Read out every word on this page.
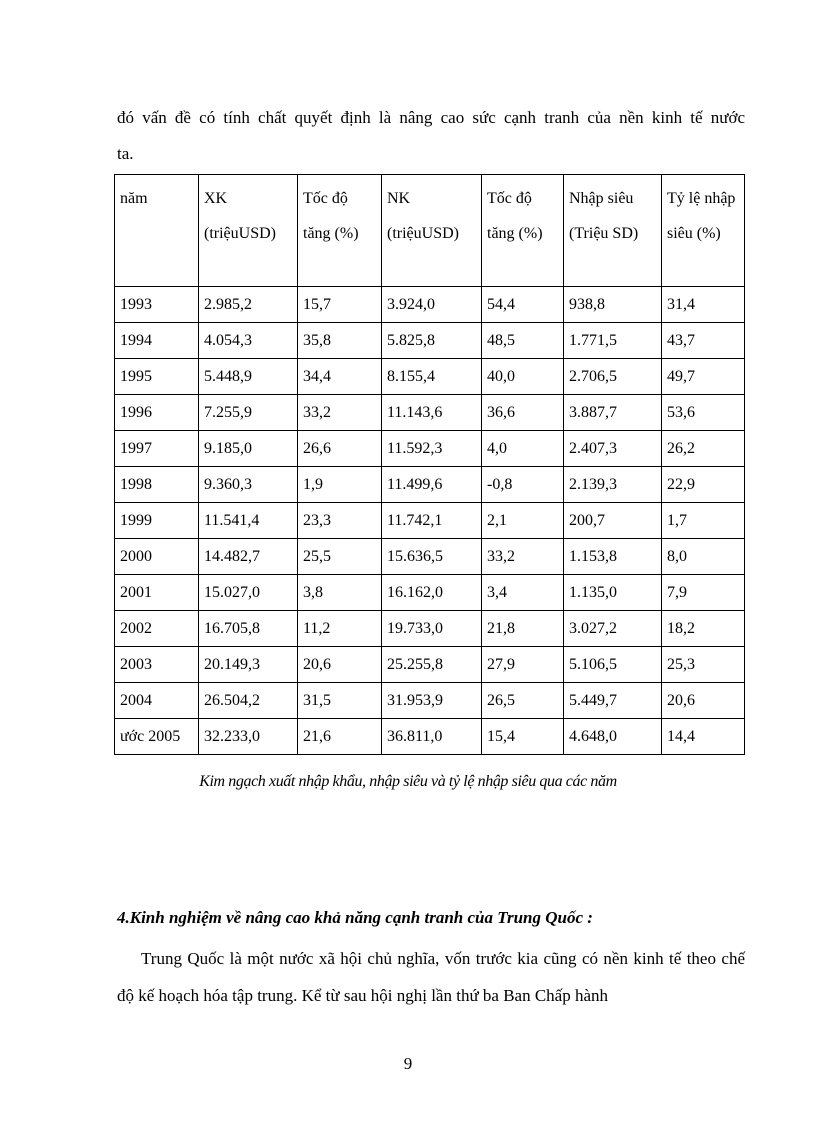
đó vấn đề có tính chất quyết định là nâng cao sức cạnh tranh của nền kinh tế nước
ta.
năm	XK (triệuUSD)	Tốc độ tăng (%)	NK (triệuUSD)	Tốc độ tăng (%)	Nhập siêu (Triệu SD)	Tỷ lệ nhập siêu (%)
1993	2.985,2	15,7	3.924,0	54,4	938,8	31,4
1994	4.054,3	35,8	5.825,8	48,5	1.771,5	43,7
1995	5.448,9	34,4	8.155,4	40,0	2.706,5	49,7
1996	7.255,9	33,2	11.143,6	36,6	3.887,7	53,6
1997	9.185,0	26,6	11.592,3	4,0	2.407,3	26,2
1998	9.360,3	1,9	11.499,6	-0,8	2.139,3	22,9
1999	11.541,4	23,3	11.742,1	2,1	200,7	1,7
2000	14.482,7	25,5	15.636,5	33,2	1.153,8	8,0
2001	15.027,0	3,8	16.162,0	3,4	1.135,0	7,9
2002	16.705,8	11,2	19.733,0	21,8	3.027,2	18,2
2003	20.149,3	20,6	25.255,8	27,9	5.106,5	25,3
2004	26.504,2	31,5	31.953,9	26,5	5.449,7	20,6
ước 2005	32.233,0	21,6	36.811,0	15,4	4.648,0	14,4
Kim ngạch xuất nhập khẩu, nhập siêu và tỷ lệ nhập siêu qua các năm
4.Kinh nghiệm về nâng cao khả năng cạnh tranh của Trung Quốc :
Trung Quốc là một nước xã hội chủ nghĩa, vốn trước kia cũng có nền kinh tế theo chế độ kế hoạch hóa tập trung. Kể từ sau hội nghị lần thứ ba Ban Chấp hành
9
